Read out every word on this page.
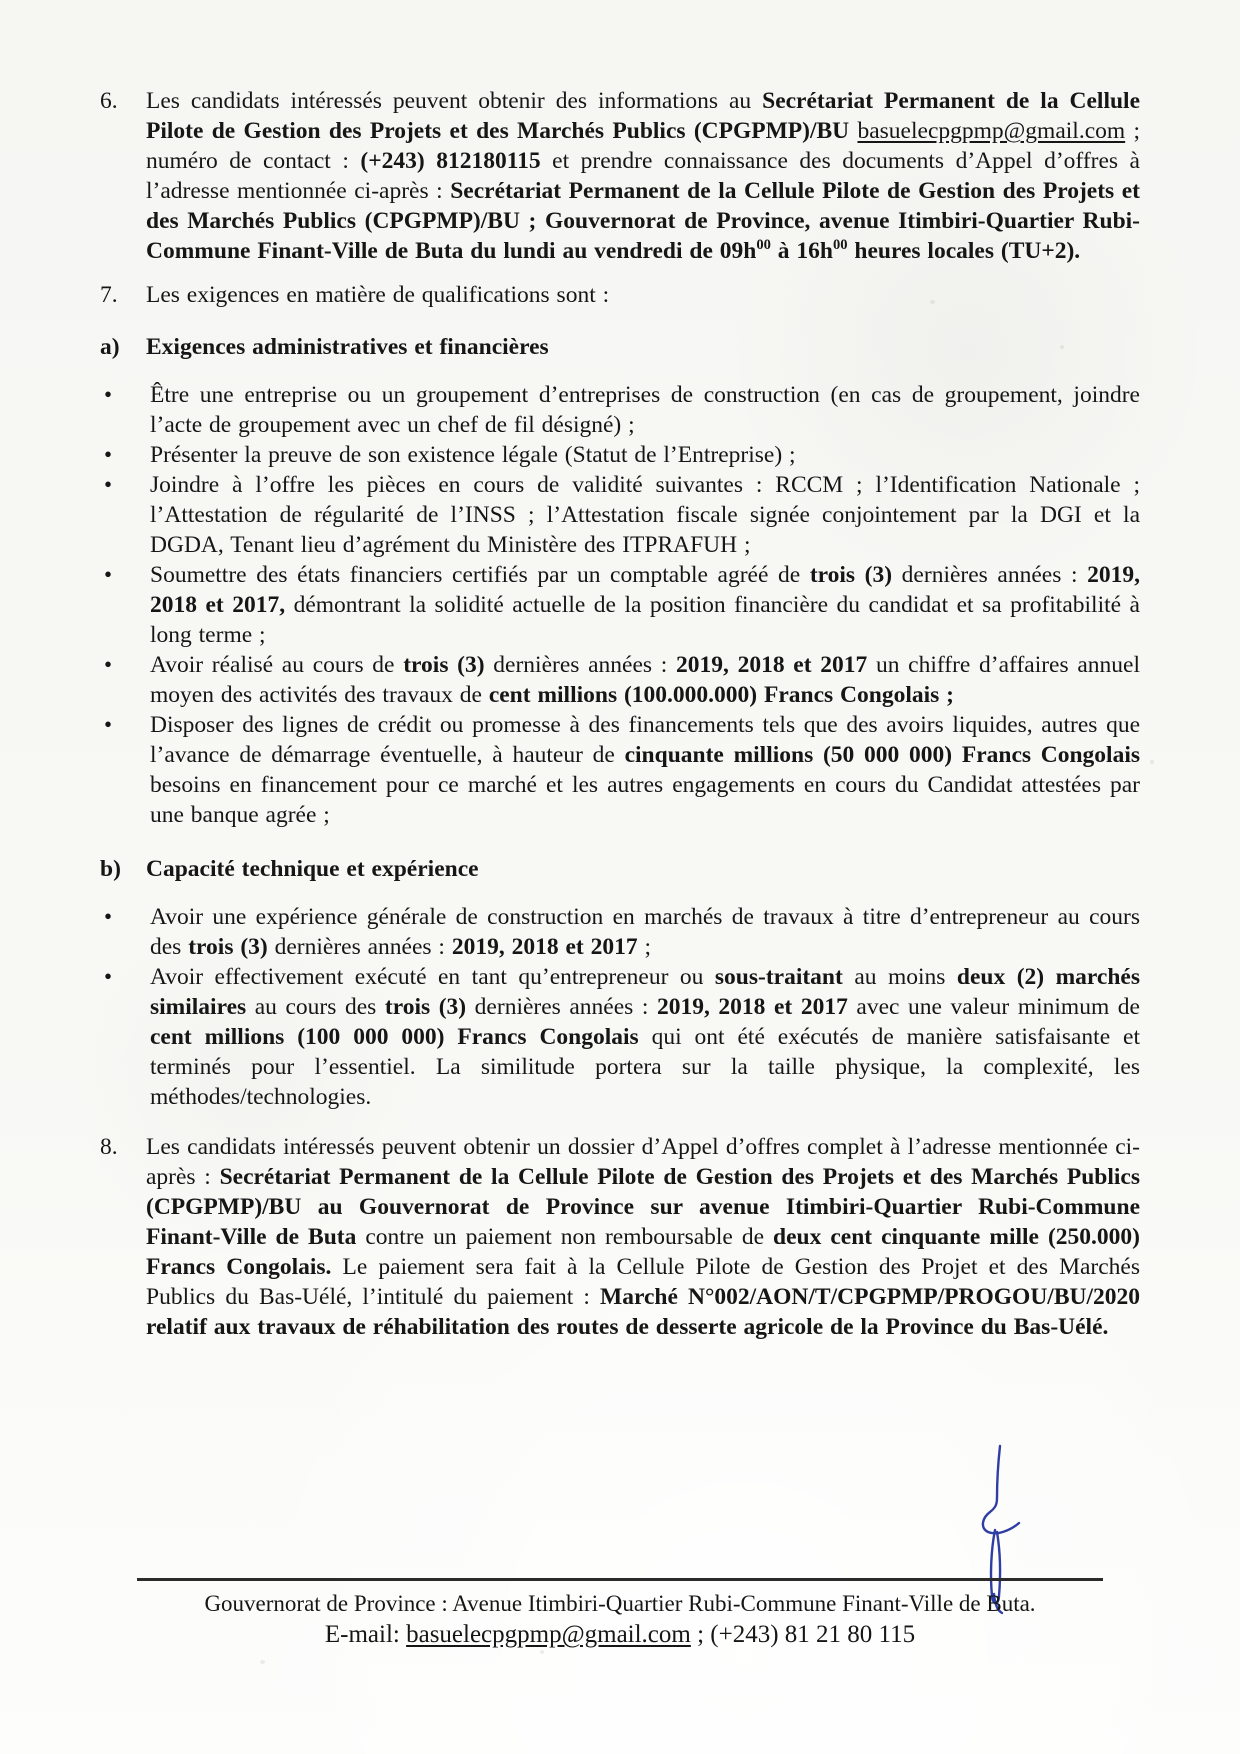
6.	Les candidats intéressés peuvent obtenir des informations au Secrétariat Permanent de la Cellule Pilote de Gestion des Projets et des Marchés Publics (CPGPMP)/BU basuelecpgpmp@gmail.com ; numéro de contact : (+243) 812180115 et prendre connaissance des documents d’Appel d’offres à l’adresse mentionnée ci-après : Secrétariat Permanent de la Cellule Pilote de Gestion des Projets et des Marchés Publics (CPGPMP)/BU ; Gouvernorat de Province, avenue Itimbiri-Quartier Rubi-Commune Finant-Ville de Buta du lundi au vendredi de $09h^{00}$ à $16h^{00}$ heures locales (TU+2).

7.	Les exigences en matière de qualifications sont :

a)	Exigences administratives et financières

•	Être une entreprise ou un groupement d’entreprises de construction (en cas de groupement, joindre l’acte de groupement avec un chef de fil désigné) ;

•	Présenter la preuve de son existence légale (Statut de l’Entreprise) ;

•	Joindre à l’offre les pièces en cours de validité suivantes : RCCM ; l’Identification Nationale ; l’Attestation de régularité de l’INSS ; l’Attestation fiscale signée conjointement par la DGI et la DGDA, Tenant lieu d’agrément du Ministère des ITPRAFUH ;

•	Soumettre des états financiers certifiés par un comptable agréé de trois (3) dernières années : 2019, 2018 et 2017, démontrant la solidité actuelle de la position financière du candidat et sa profitabilité à long terme ;

•	Avoir réalisé au cours de trois (3) dernières années : 2019, 2018 et 2017 un chiffre d’affaires annuel moyen des activités des travaux de cent millions (100.000.000) Francs Congolais ;

•	Disposer des lignes de crédit ou promesse à des financements tels que des avoirs liquides, autres que l’avance de démarrage éventuelle, à hauteur de cinquante millions (50 000 000) Francs Congolais besoins en financement pour ce marché et les autres engagements en cours du Candidat attestées par une banque agrée ;

b)	Capacité technique et expérience

•	Avoir une expérience générale de construction en marchés de travaux à titre d’entrepreneur au cours des trois (3) dernières années : 2019, 2018 et 2017 ;

•	Avoir effectivement exécuté en tant qu’entrepreneur ou sous-traitant au moins deux (2) marchés similaires au cours des trois (3) dernières années : 2019, 2018 et 2017 avec une valeur minimum de cent millions (100 000 000) Francs Congolais qui ont été exécutés de manière satisfaisante et terminés pour l’essentiel. La similitude portera sur la taille physique, la complexité, les méthodes/technologies.

8.	Les candidats intéressés peuvent obtenir un dossier d’Appel d’offres complet à l’adresse mentionnée ci-après : Secrétariat Permanent de la Cellule Pilote de Gestion des Projets et des Marchés Publics (CPGPMP)/BU au Gouvernorat de Province sur avenue Itimbiri-Quartier Rubi-Commune Finant-Ville de Buta contre un paiement non remboursable de deux cent cinquante mille (250.000) Francs Congolais. Le paiement sera fait à la Cellule Pilote de Gestion des Projet et des Marchés Publics du Bas-Uélé, l’intitulé du paiement : Marché N°002/AON/T/CPGPMP/PROGOU/BU/2020 relatif aux travaux de réhabilitation des routes de desserte agricole de la Province du Bas-Uélé.

Gouvernorat de Province : Avenue Itimbiri-Quartier Rubi-Commune Finant-Ville de Buta.
E-mail: basuelecpgpmp@gmail.com ; (+243) 81 21 80 115
